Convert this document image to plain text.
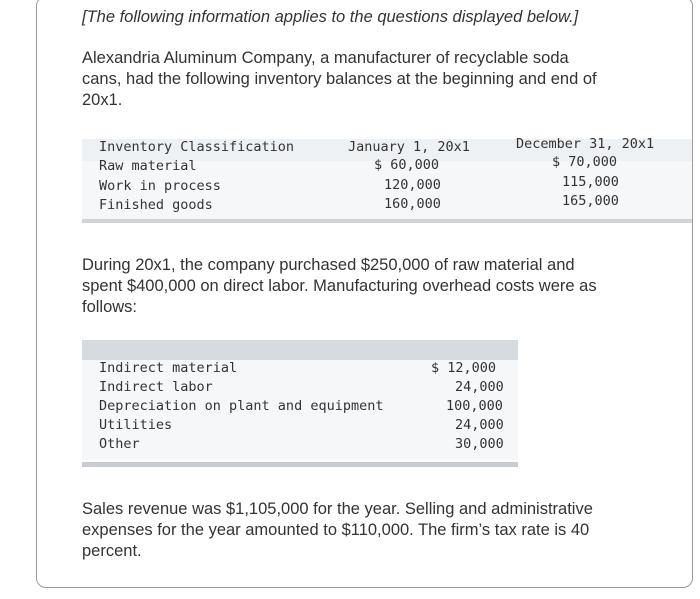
[The following information applies to the questions displayed below.]
Alexandria Aluminum Company, a manufacturer of recyclable soda
cans, had the following inventory balances at the beginning and end of
20x1.
Inventory Classification	January 1, 20x1	December 31, 20x1
Raw material	$ 60,000	$ 70,000
Work in process	120,000	115,000
Finished goods	160,000	165,000
During 20x1, the company purchased $250,000 of raw material and
spent $400,000 on direct labor. Manufacturing overhead costs were as
follows:
Indirect material	$ 12,000
Indirect labor	24,000
Depreciation on plant and equipment	100,000
Utilities	24,000
Other	30,000
Sales revenue was $1,105,000 for the year. Selling and administrative
expenses for the year amounted to $110,000. The firm’s tax rate is 40
percent.
